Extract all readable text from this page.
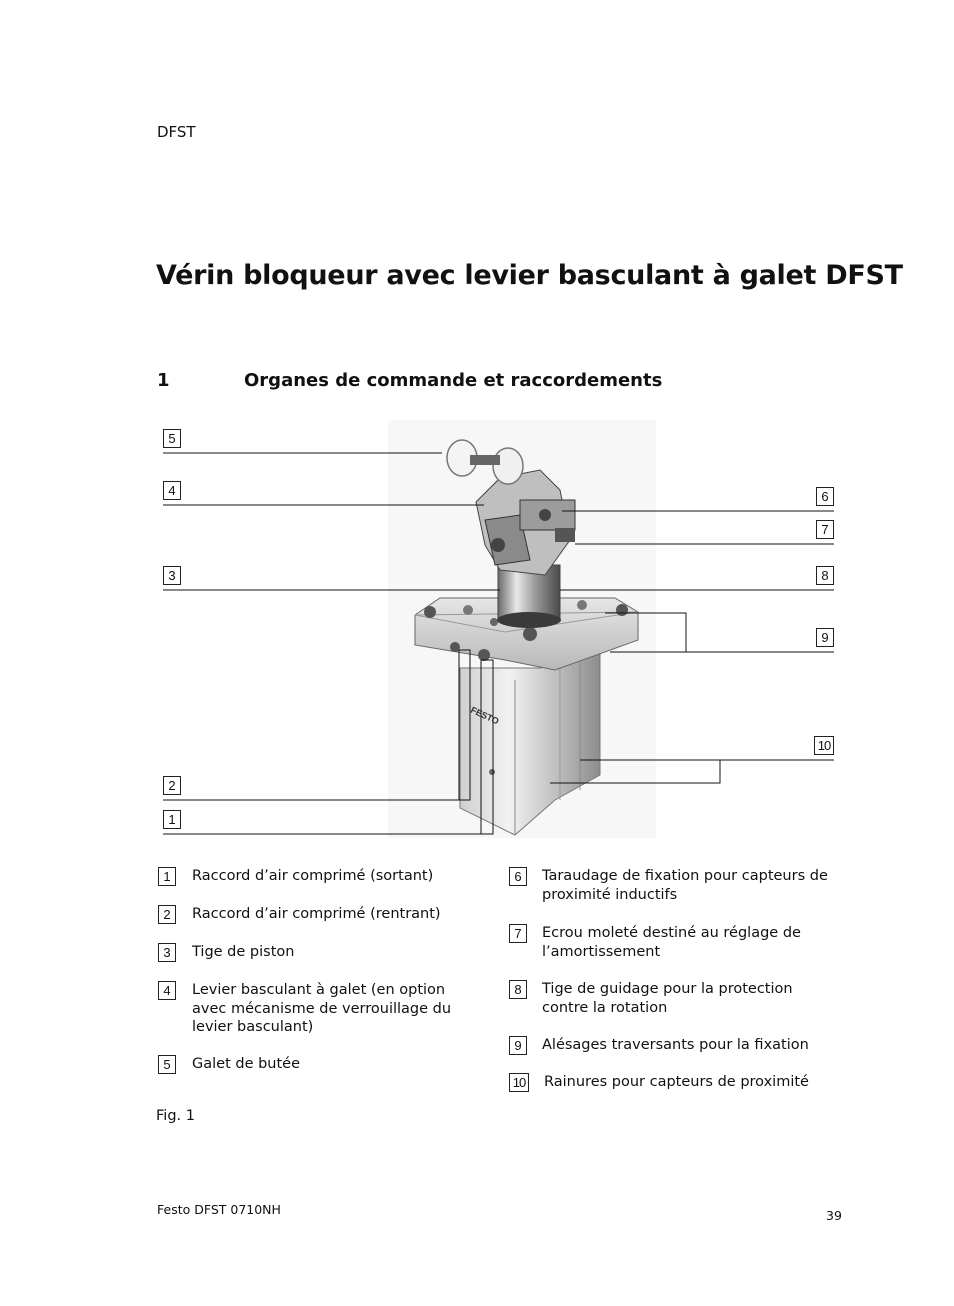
DFST
Vérin bloqueur avec levier basculant à galet DFST
1	Organes de commande et raccordements
FESTO
5
4
3
2
1
6
7
8
9
10
1	Raccord d’air comprimé (sortant)
2	Raccord d’air comprimé (rentrant)
3	Tige de piston
4	Levier basculant à galet (en option avec mécanisme de verrouillage du levier basculant)
5	Galet de butée
6	Taraudage de fixation pour capteurs de proximité inductifs
7	Ecrou moleté destiné au réglage de l’amortissement
8	Tige de guidage pour la protection contre la rotation
9	Alésages traversants pour la fixation
10 Rainures pour capteurs de proximité
Fig. 1
Festo DFST 0710NH	39
